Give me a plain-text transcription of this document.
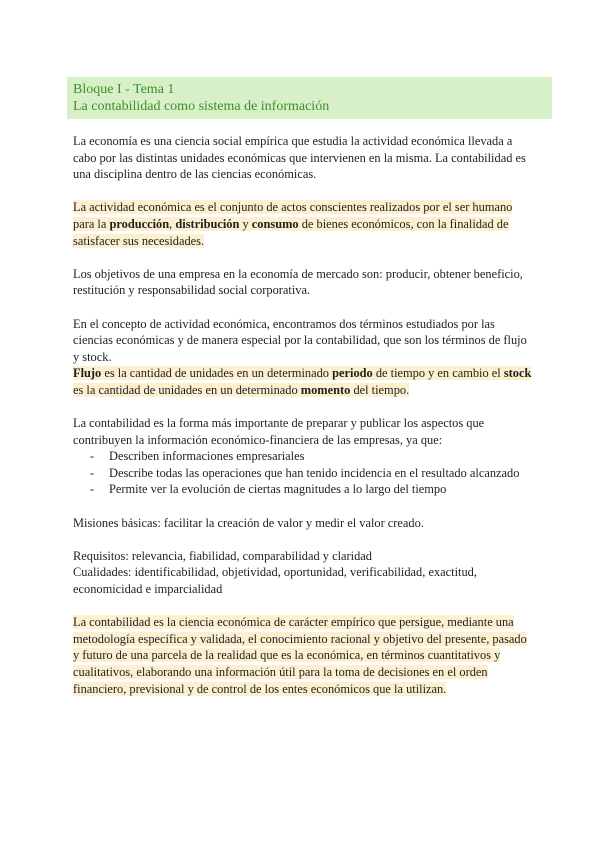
Bloque I - Tema 1
La contabilidad como sistema de información

La economía es una ciencia social empírica que estudia la actividad económica llevada a cabo por las distintas unidades económicas que intervienen en la misma. La contabilidad es una disciplina dentro de las ciencias económicas.

La actividad económica es el conjunto de actos conscientes realizados por el ser humano para la producción, distribución y consumo de bienes económicos, con la finalidad de satisfacer sus necesidades.

Los objetivos de una empresa en la economía de mercado son: producir, obtener beneficio, restitución y responsabilidad social corporativa.

En el concepto de actividad económica, encontramos dos términos estudiados por las ciencias económicas y de manera especial por la contabilidad, que son los términos de flujo y stock.

Flujo es la cantidad de unidades en un determinado periodo de tiempo y en cambio el stock es la cantidad de unidades en un determinado momento del tiempo.

La contabilidad es la forma más importante de preparar y publicar los aspectos que contribuyen la información económico-financiera de las empresas, ya que:

- Describen informaciones empresariales
- Describe todas las operaciones que han tenido incidencia en el resultado alcanzado
- Permite ver la evolución de ciertas magnitudes a lo largo del tiempo

Misiones básicas: facilitar la creación de valor y medir el valor creado.

Requisitos: relevancia, fiabilidad, comparabilidad y claridad

Cualidades: identificabilidad, objetividad, oportunidad, verificabilidad, exactitud, economicidad e imparcialidad

La contabilidad es la ciencia económica de carácter empírico que persigue, mediante una metodología específica y validada, el conocimiento racional y objetivo del presente, pasado y futuro de una parcela de la realidad que es la económica, en términos cuantitativos y cualitativos, elaborando una información útil para la toma de decisiones en el orden financiero, previsional y de control de los entes económicos que la utilizan.
